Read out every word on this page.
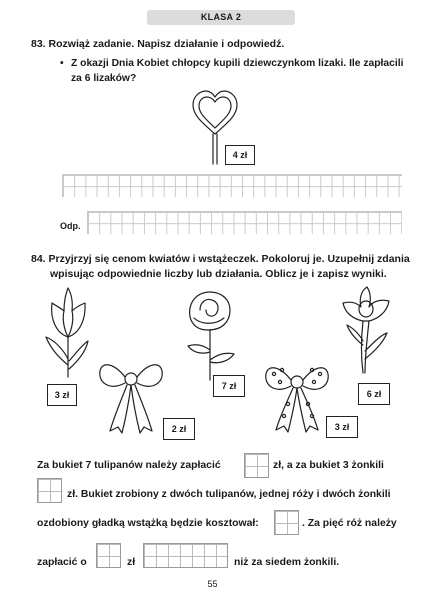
KLASA 2
83. Rozwiąż zadanie. Napisz działanie i odpowiedź.
• Z okazji Dnia Kobiet chłopcy kupili dziewczynkom lizaki. Ile zapłacili
za 6 lizaków?
4 zł
Odp.
84. Przyjrzyj się cenom kwiatów i wstążeczek. Pokoloruj je. Uzupełnij zdania
wpisując odpowiednie liczby lub działania. Oblicz je i zapisz wyniki.
3 zł
2 zł
7 zł
3 zł
6 zł
Za bukiet 7 tulipanów należy zapłacić	zł, a za bukiet 3 żonkili
zł. Bukiet zrobiony z dwóch tulipanów, jednej róży i dwóch żonkili
ozdobiony gładką wstążką będzie kosztował:	. Za pięć róż należy
zapłacić o	zł	niż za siedem żonkili.
55
